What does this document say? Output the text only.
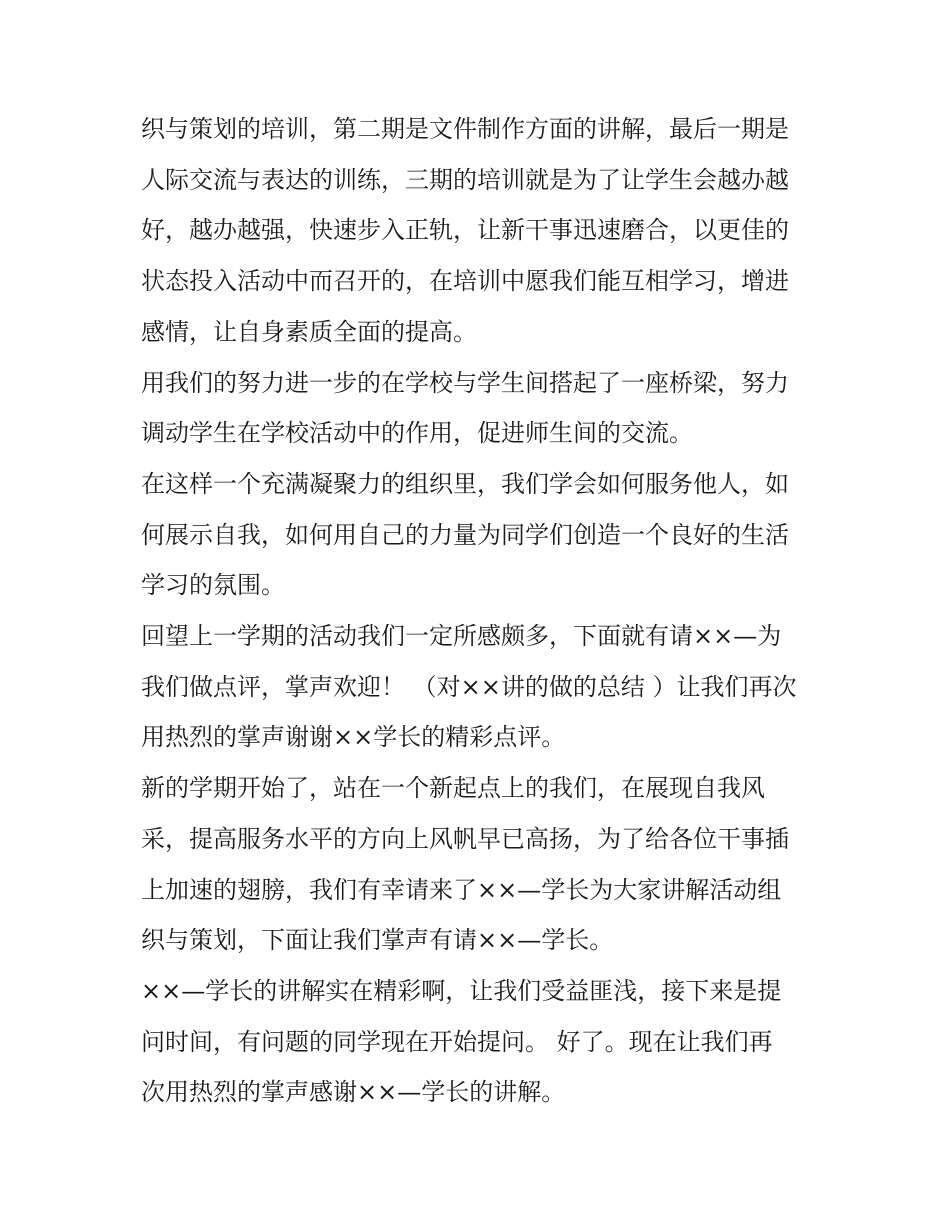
织与策划的培训，第二期是文件制作方面的讲解，最后一期是
人际交流与表达的训练，三期的培训就是为了让学生会越办越
好，越办越强，快速步入正轨，让新干事迅速磨合，以更佳的
状态投入活动中而召开的，在培训中愿我们能互相学习，增进
感情，让自身素质全面的提高。

用我们的努力进一步的在学校与学生间搭起了一座桥梁，努力
调动学生在学校活动中的作用，促进师生间的交流。

在这样一个充满凝聚力的组织里，我们学会如何服务他人，如
何展示自我，如何用自己的力量为同学们创造一个良好的生活
学习的氛围。

回望上一学期的活动我们一定所感颇多，下面就有请××—为
我们做点评，掌声欢迎！ （对××讲的做的总结 ）让我们再次
用热烈的掌声谢谢××学长的精彩点评。

新的学期开始了，站在一个新起点上的我们，在展现自我风
采，提高服务水平的方向上风帆早已高扬，为了给各位干事插
上加速的翅膀，我们有幸请来了××—学长为大家讲解活动组
织与策划，下面让我们掌声有请××—学长。

××—学长的讲解实在精彩啊，让我们受益匪浅，接下来是提
问时间，有问题的同学现在开始提问。 好了。现在让我们再
次用热烈的掌声感谢××—学长的讲解。
